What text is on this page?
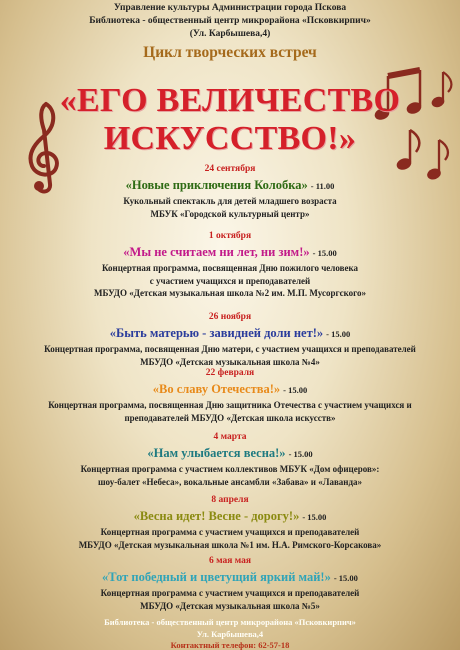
Управление культуры Администрации города Пскова
Библиотека - общественный центр микрорайона «Псковкирпич»
(Ул. Карбышева,4)
Цикл творческих встреч
«ЕГО ВЕЛИЧЕСТВО
ИСКУССТВО!»
24 сентября
«Новые приключения Колобка» - 11.00
Кукольный спектакль для детей младшего возраста
МБУК «Городской культурный центр»
1 октября
«Мы не считаем ни лет, ни зим!» - 15.00
Концертная программа, посвященная Дню пожилого человека
с участием учащихся и преподавателей
МБУДО «Детская музыкальная школа №2 им. М.П. Мусоргского»
26 ноября
«Быть матерью - завидней доли нет!» - 15.00
Концертная программа, посвященная Дню матери, с участием учащихся и преподавателей
МБУДО «Детская музыкальная школа №4»
22 февраля
«Во славу Отечества!» - 15.00
Концертная программа, посвященная Дню защитника Отечества с участием учащихся и
преподавателей МБУДО «Детская школа искусств»
4 марта
«Нам улыбается весна!» - 15.00
Концертная программа с участием коллективов МБУК «Дом офицеров»:
шоу-балет «Небеса», вокальные ансамбли «Забава» и «Лаванда»
8 апреля
«Весна идет! Весне - дорогу!» - 15.00
Концертная программа с участием учащихся и преподавателей
МБУДО «Детская музыкальная школа №1 им. Н.А. Римского-Корсакова»
6 мая мая
«Тот победный и цветущий яркий май!» - 15.00
Концертная программа с участием учащихся и преподавателей
МБУДО «Детская музыкальная школа №5»
Библиотека - общественный центр микрорайона «Псковкирпич»
Ул. Карбышева,4
Контактный телефон: 62-57-18
